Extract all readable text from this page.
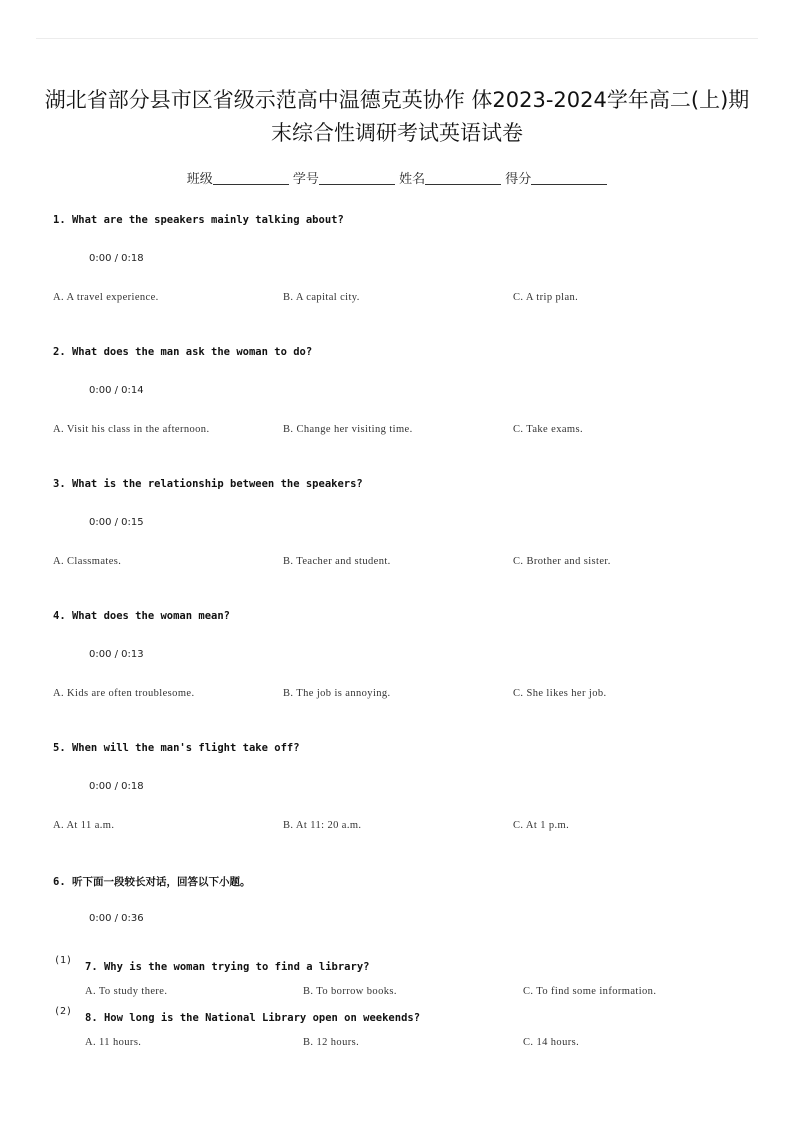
湖北省部分县市区省级示范高中温德克英协作 体2023-2024学年高二(上)期
末综合性调研考试英语试卷
班级	学号	姓名	得分
1. What are the speakers mainly talking about?
0:00 / 0:18
A. A travel experience.	B. A capital city.	C. A trip plan.
2. What does the man ask the woman to do?
0:00 / 0:14
A. Visit his class in the afternoon.	B. Change her visiting time.	C. Take exams.
3. What is the relationship between the speakers?
0:00 / 0:15
A. Classmates.	B. Teacher and student.	C. Brother and sister.
4. What does the woman mean?
0:00 / 0:13
A. Kids are often troublesome.	B. The job is annoying.	C. She likes her job.
5. When will the man's flight take off?
0:00 / 0:18
A. At 11 a.m.	B. At 11: 20 a.m.	C. At 1 p.m.
6. 听下面一段较长对话，回答以下小题。
0:00 / 0:36
(1)
7. Why is the woman trying to find a library?
A. To study there.	B. To borrow books.	C. To find some information.
(2)
8. How long is the National Library open on weekends?
A. 11 hours.	B. 12 hours.	C. 14 hours.
